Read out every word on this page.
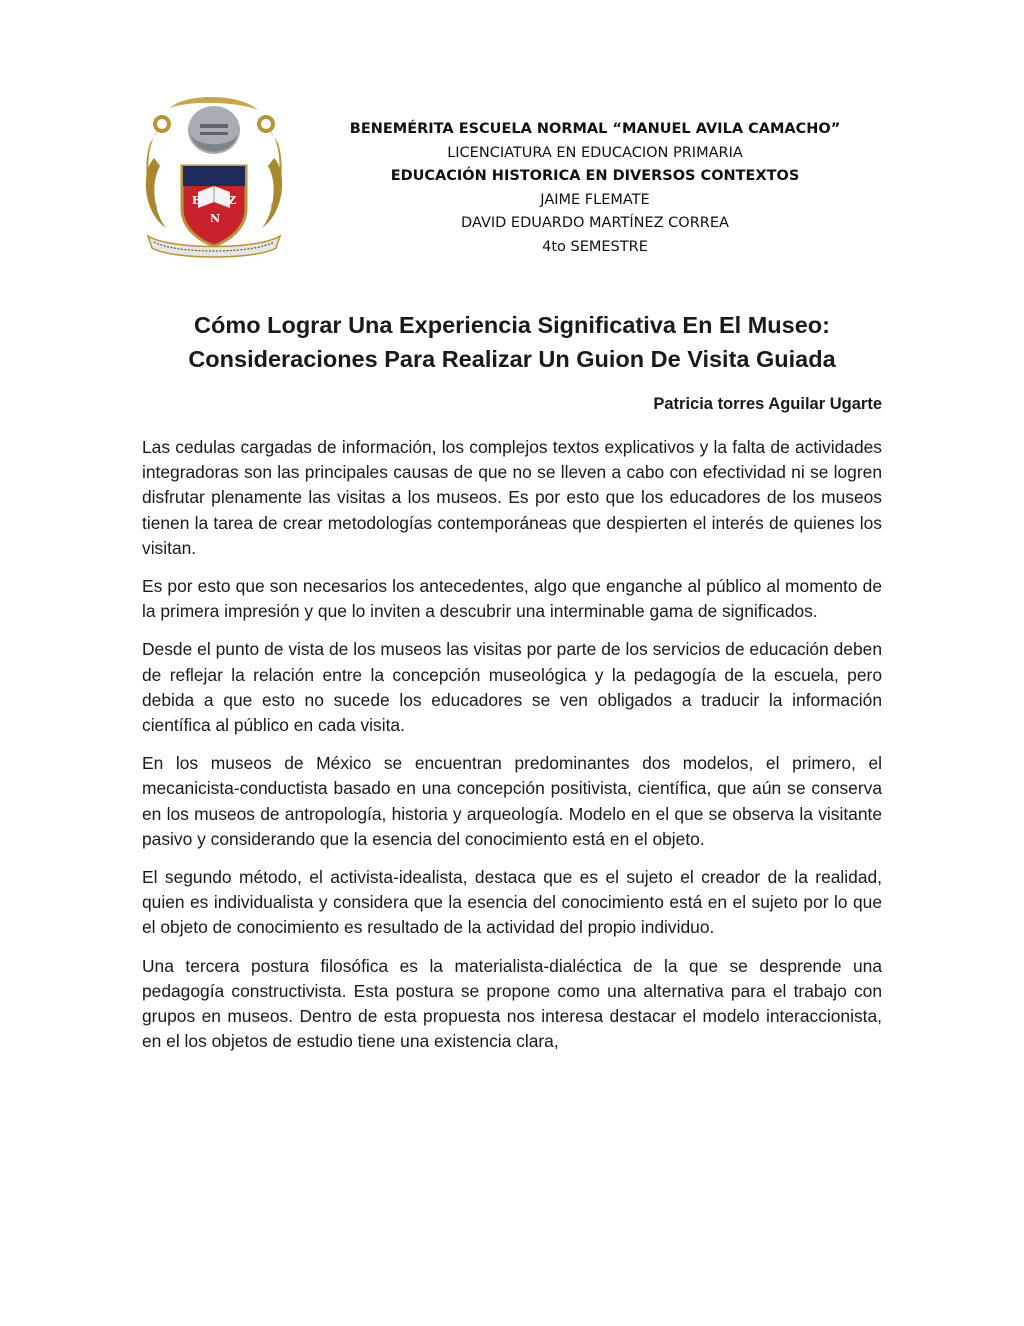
E	Z
N
BENEMÉRITA ESCUELA NORMAL “MANUEL AVILA CAMACHO”
LICENCIATURA EN EDUCACION PRIMARIA
EDUCACIÓN HISTORICA EN DIVERSOS CONTEXTOS
JAIME FLEMATE
DAVID EDUARDO MARTÍNEZ CORREA
4to SEMESTRE
Cómo Lograr Una Experiencia Significativa En El Museo:
Consideraciones Para Realizar Un Guion De Visita Guiada
Patricia torres Aguilar Ugarte

Las cedulas cargadas de información, los complejos textos explicativos y la falta de actividades integradoras son las principales causas de que no se lleven a cabo con efectividad ni se logren disfrutar plenamente las visitas a los museos. Es por esto que los educadores de los museos tienen la tarea de crear metodologías contemporáneas que despierten el interés de quienes los visitan.

Es por esto que son necesarios los antecedentes, algo que enganche al público al momento de la primera impresión y que lo inviten a descubrir una interminable gama de significados.

Desde el punto de vista de los museos las visitas por parte de los servicios de educación deben de reflejar la relación entre la concepción museológica y la pedagogía de la escuela, pero debida a que esto no sucede los educadores se ven obligados a traducir la información científica al público en cada visita.

En los museos de México se encuentran predominantes dos modelos, el primero, el mecanicista-conductista basado en una concepción positivista, científica, que aún se conserva en los museos de antropología, historia y arqueología. Modelo en el que se observa la visitante pasivo y considerando que la esencia del conocimiento está en el objeto.

El segundo método, el activista-idealista, destaca que es el sujeto el creador de la realidad, quien es individualista y considera que la esencia del conocimiento está en el sujeto por lo que el objeto de conocimiento es resultado de la actividad del propio individuo.

Una tercera postura filosófica es la materialista-dialéctica de la que se desprende una pedagogía constructivista. Esta postura se propone como una alternativa para el trabajo con grupos en museos. Dentro de esta propuesta nos interesa destacar el modelo interaccionista, en el los objetos de estudio tiene una existencia clara,
